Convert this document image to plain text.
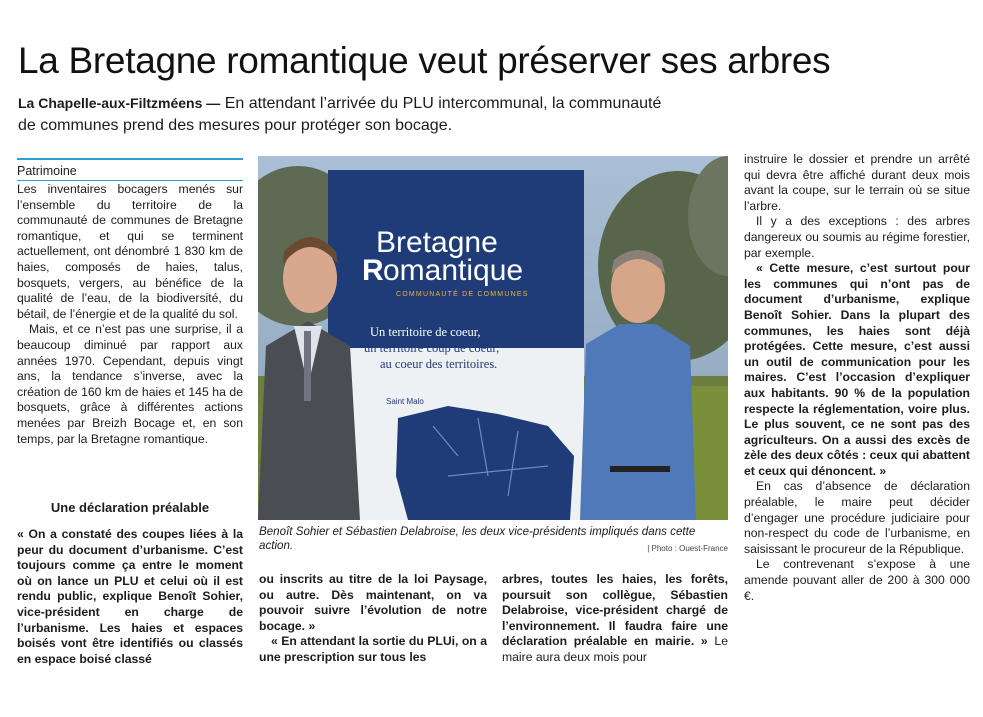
La Bretagne romantique veut préserver ses arbres
La Chapelle-aux-Filtzméens — En attendant l’arrivée du PLU intercommunal, la communauté
de communes prend des mesures pour protéger son bocage.
Patrimoine

Les inventaires bocagers menés sur l’ensemble du territoire de la communauté de communes de Bretagne romantique, et qui se terminent actuellement, ont dénombré 1 830 km de haies, composés de haies, talus, bosquets, vergers, au bénéfice de la qualité de l’eau, de la biodiversité, du bétail, de l’énergie et de la qualité du sol.

Mais, et ce n’est pas une surprise, il a beaucoup diminué par rapport aux années 1970. Cependant, depuis vingt ans, la tendance s’inverse, avec la création de 160 km de haies et 145 ha de bosquets, grâce à différentes actions menées par Breizh Bocage et, en son temps, par la Bretagne romantique.

Une déclaration préalable

« On a constaté des coupes liées à la peur du document d’urbanisme. C’est toujours comme ça entre le moment où on lance un PLU et celui où il est rendu public, explique Benoît Sohier, vice-président en charge de l’urbanisme. Les haies et espaces boisés vont être identifiés ou classés en espace boisé classé

Bretagne
R omantique
COMMUNAUTÉ DE COMMUNES
Un territoire de coeur,
un territoire coup de coeur,
au coeur des territoires.
Saint Malo
Benoît Sohier et Sébastien Delabroise, les deux vice-présidents impliqués dans cette action.	| Photo : Ouest-France

ou inscrits au titre de la loi Paysage, ou autre. Dès maintenant, on va pouvoir suivre l’évolution de notre bocage. »

« En attendant la sortie du PLUi, on a une prescription sur tous les

arbres, toutes les haies, les forêts, poursuit son collègue, Sébastien Delabroise, vice-président chargé de l’environnement. Il faudra faire une déclaration préalable en mairie. » Le maire aura deux mois pour

instruire le dossier et prendre un arrêté qui devra être affiché durant deux mois avant la coupe, sur le terrain où se situe l’arbre.

Il y a des exceptions : des arbres dangereux ou soumis au régime forestier, par exemple.

« Cette mesure, c’est surtout pour les communes qui n’ont pas de document d’urbanisme, explique Benoît Sohier. Dans la plupart des communes, les haies sont déjà protégées. Cette mesure, c’est aussi un outil de communication pour les maires. C’est l’occasion d’expliquer aux habitants. 90 % de la population respecte la réglementation, voire plus. Le plus souvent, ce ne sont pas des agriculteurs. On a aussi des excès de zèle des deux côtés : ceux qui abattent et ceux qui dénoncent. »

En cas d’absence de déclaration préalable, le maire peut décider d’engager une procédure judiciaire pour non-respect du code de l’urbanisme, en saisissant le procureur de la République.

Le contrevenant s’expose à une amende pouvant aller de 200 à 300 000 €.
